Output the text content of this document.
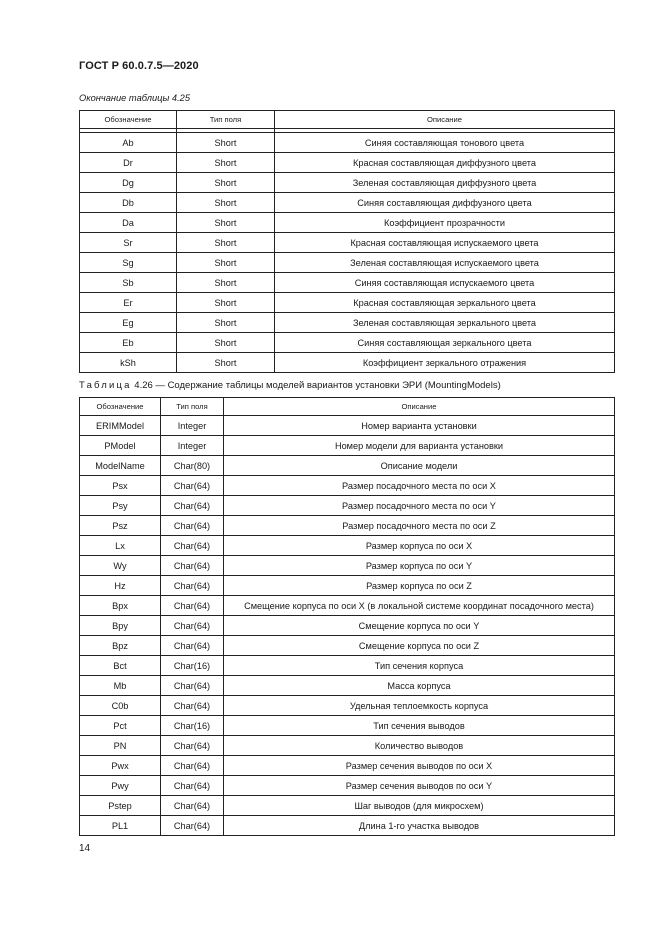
ГОСТ Р 60.0.7.5—2020
Окончание таблицы 4.25
Обозначение	Тип поля	Описание

Ab	Short	Синяя составляющая тонового цвета
Dr	Short	Красная составляющая диффузного цвета
Dg	Short	Зеленая составляющая диффузного цвета
Db	Short	Синяя составляющая диффузного цвета
Da	Short	Коэффициент прозрачности
Sr	Short	Красная составляющая испускаемого цвета
Sg	Short	Зеленая составляющая испускаемого цвета
Sb	Short	Синяя составляющая испускаемого цвета
Er	Short	Красная составляющая зеркального цвета
Eg	Short	Зеленая составляющая зеркального цвета
Eb	Short	Синяя составляющая зеркального цвета
kSh	Short	Коэффициент зеркального отражения
Таблица 4.26 — Содержание таблицы моделей вариантов установки ЭРИ (MountingModels)
Обозначение	Тип поля	Описание
ERIMModel	Integer	Номер варианта установки
PModel	Integer	Номер модели для варианта установки
ModelName	Char(80)	Описание модели
Psx	Char(64)	Размер посадочного места по оси X
Psy	Char(64)	Размер посадочного места по оси Y
Psz	Char(64)	Размер посадочного места по оси Z
Lx	Char(64)	Размер корпуса по оси X
Wy	Char(64)	Размер корпуса по оси Y
Hz	Char(64)	Размер корпуса по оси Z
Bpx	Char(64)	Смещение корпуса по оси X (в локальной системе координат посадочного места)
Bpy	Char(64)	Смещение корпуса по оси Y
Bpz	Char(64)	Смещение корпуса по оси Z
Bct	Char(16)	Тип сечения корпуса
Mb	Char(64)	Масса корпуса
C0b	Char(64)	Удельная теплоемкость корпуса
Pct	Char(16)	Тип сечения выводов
PN	Char(64)	Количество выводов
Pwx	Char(64)	Размер сечения выводов по оси X
Pwy	Char(64)	Размер сечения выводов по оси Y
Pstep	Char(64)	Шаг выводов (для микросхем)
PL1	Char(64)	Длина 1-го участка выводов
14
